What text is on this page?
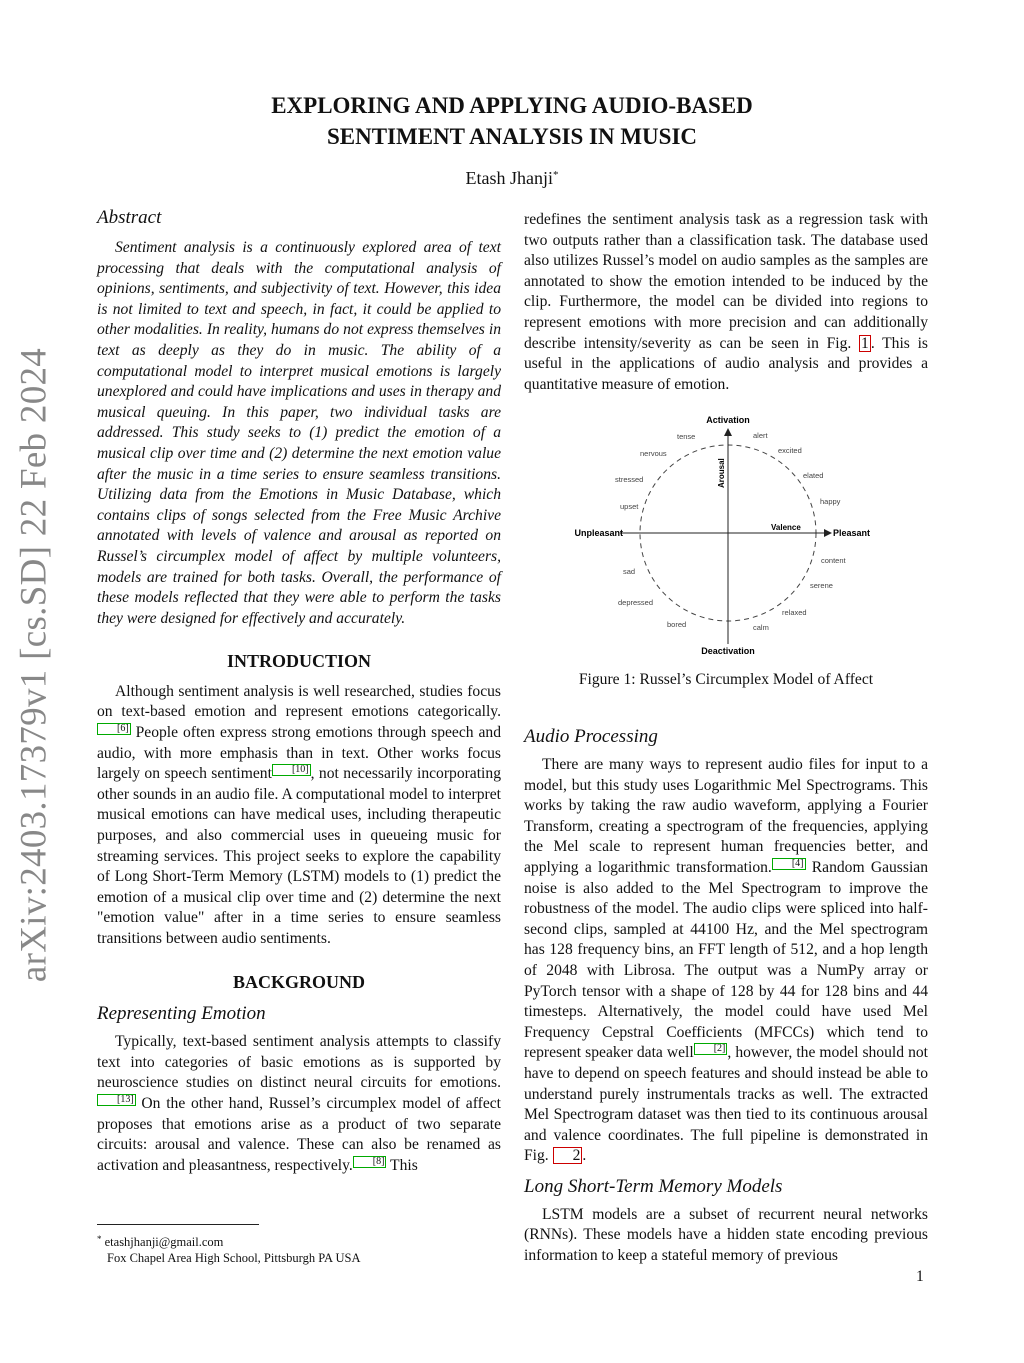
arXiv:2403.17379v1 [cs.SD] 22 Feb 2024
EXPLORING AND APPLYING AUDIO-BASED
SENTIMENT ANALYSIS IN MUSIC
Etash Jhanji*
Abstract

Sentiment analysis is a continuously explored area of text processing that deals with the computational analysis of opinions, sentiments, and subjectivity of text. However, this idea is not limited to text and speech, in fact, it could be applied to other modalities. In reality, humans do not express themselves in text as deeply as they do in music. The ability of a computational model to interpret musical emotions is largely unexplored and could have implications and uses in therapy and musical queuing. In this paper, two individual tasks are addressed. This study seeks to (1) predict the emotion of a musical clip over time and (2) determine the next emotion value after the music in a time series to ensure seamless transitions. Utilizing data from the Emotions in Music Database, which contains clips of songs selected from the Free Music Archive annotated with levels of valence and arousal as reported on Russel’s circumplex model of affect by multiple volunteers, models are trained for both tasks. Overall, the performance of these models reflected that they were able to perform the tasks they were designed for effectively and accurately.

INTRODUCTION

Although sentiment analysis is well researched, studies focus on text-based emotion and represent emotions categorically.[6] People often express strong emotions through speech and audio, with more emphasis than in text. Other works focus largely on speech sentiment [10] , not necessarily incorporating other sounds in an audio file. A computational model to interpret musical emotions can have medical uses, including therapeutic purposes, and also commercial uses in queueing music for streaming services. This project seeks to explore the capability of Long Short-Term Memory (LSTM) models to (1) predict the emotion of a musical clip over time and (2) determine the next "emotion value" after in a time series to ensure seamless transitions between audio sentiments.

BACKGROUND
Representing Emotion

Typically, text-based sentiment analysis attempts to classify text into categories of basic emotions as is supported by neuroscience studies on distinct neural circuits for emotions.[13] On the other hand, Russel’s circumplex model of affect proposes that emotions arise as a product of two separate circuits: arousal and valence. These can also be renamed as activation and pleasantness, respectively. [8] This

redefines the sentiment analysis task as a regression task with two outputs rather than a classification task. The database used also utilizes Russel’s model on audio samples as the samples are annotated to show the emotion intended to be induced by the clip. Furthermore, the model can be divided into regions to represent emotions with more precision and can additionally describe intensity/severity as can be seen in Fig. 1 . This is useful in the applications of audio analysis and provides a quantitative measure of emotion.

Activation
Deactivation
Unpleasant	Pleasant
Arousal
Valence
tense	alert
nervous	excited
stressed	elated
happy
upset
content
sad
serene
depressed
relaxed
bored	calm
Figure 1: Russel’s Circumplex Model of Affect
Audio Processing

There are many ways to represent audio files for input to a model, but this study uses Logarithmic Mel Spectrograms. This works by taking the raw audio waveform, applying a Fourier Transform, creating a spectrogram of the frequencies, applying the Mel scale to represent human frequencies better, and applying a logarithmic transformation. [4] Random Gaussian noise is also added to the Mel Spectrogram to improve the robustness of the model. The audio clips were spliced into half-second clips, sampled at 44100 Hz, and the Mel spectrogram has 128 frequency bins, an FFT length of 512, and a hop length of 2048 with Librosa. The output was a NumPy array or PyTorch tensor with a shape of 128 by 44 for 128 bins and 44 timesteps. Alternatively, the model could have used Mel Frequency Cepstral Coefficients (MFCCs) which tend to represent speaker data well [2] , however, the model should not have to depend on speech features and should instead be able to understand purely instrumentals tracks as well. The extracted Mel Spectrogram dataset was then tied to its continuous arousal and valence coordinates. The full pipeline is demonstrated in Fig. 2 .

Long Short-Term Memory Models

LSTM models are a subset of recurrent neural networks (RNNs). These models have a hidden state encoding previous information to keep a stateful memory of previous

* etashjhanji@gmail.com
Fox Chapel Area High School, Pittsburgh PA USA
1
